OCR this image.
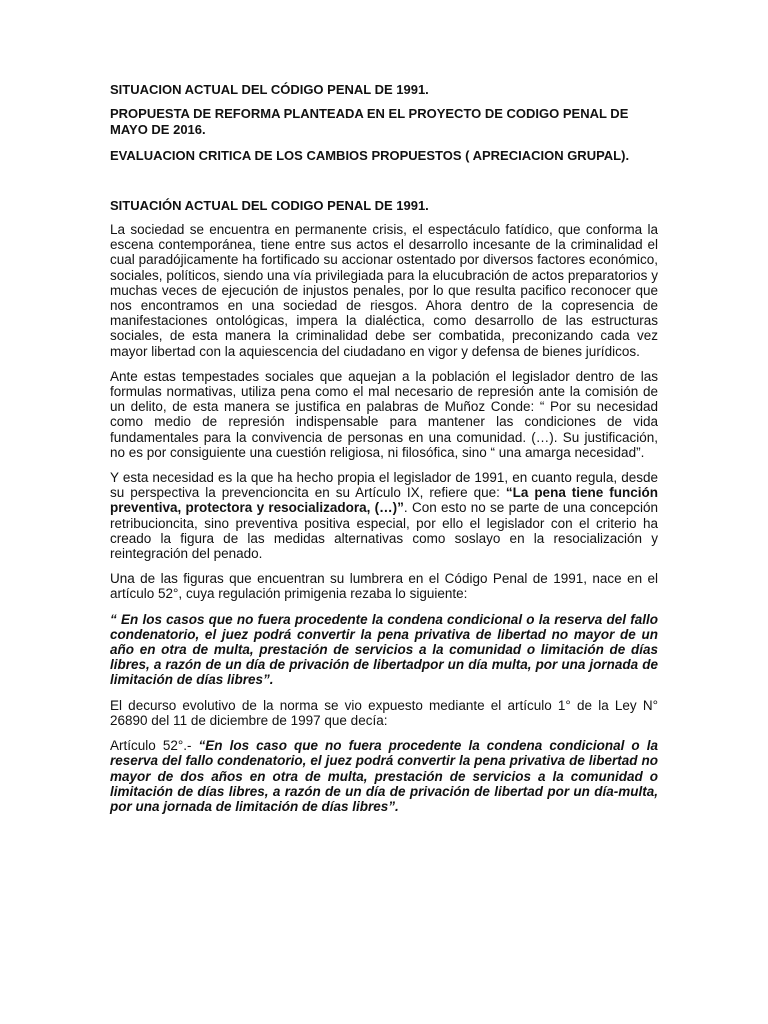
SITUACION ACTUAL DEL CÓDIGO PENAL DE 1991.
PROPUESTA DE REFORMA PLANTEADA EN EL PROYECTO DE CODIGO PENAL DE MAYO DE 2016.
EVALUACION CRITICA DE LOS CAMBIOS PROPUESTOS ( APRECIACION GRUPAL).
SITUACIÓN ACTUAL DEL CODIGO PENAL DE 1991.

La sociedad se encuentra en permanente crisis, el espectáculo fatídico, que conforma la escena contemporánea, tiene entre sus actos el desarrollo incesante de la criminalidad el cual paradójicamente ha fortificado su accionar ostentado por diversos factores económico, sociales, políticos, siendo una vía privilegiada para la elucubración de actos preparatorios y muchas veces de ejecución de injustos penales, por lo que resulta pacifico reconocer que nos encontramos en una sociedad de riesgos. Ahora dentro de la copresencia de manifestaciones ontológicas, impera la dialéctica, como desarrollo de las estructuras sociales, de esta manera la criminalidad debe ser combatida, preconizando cada vez mayor libertad con la aquiescencia del ciudadano en vigor y defensa de bienes jurídicos.

Ante estas tempestades sociales que aquejan a la población el legislador dentro de las formulas normativas, utiliza pena como el mal necesario de represión ante la comisión de un delito, de esta manera se justifica en palabras de Muñoz Conde: “ Por su necesidad como medio de represión indispensable para mantener las condiciones de vida fundamentales para la convivencia de personas en una comunidad. (…). Su justificación, no es por consiguiente una cuestión religiosa, ni filosófica, sino “ una amarga necesidad”.

Y esta necesidad es la que ha hecho propia el legislador de 1991, en cuanto regula, desde su perspectiva la prevencioncita en su Artículo IX, refiere que: “La pena tiene función preventiva, protectora y resocializadora, (…)”. Con esto no se parte de una concepción retribucioncita, sino preventiva positiva especial, por ello el legislador con el criterio ha creado la figura de las medidas alternativas como soslayo en la resocialización y reintegración del penado.

Una de las figuras que encuentran su lumbrera en el Código Penal de 1991, nace en el artículo 52°, cuya regulación primigenia rezaba lo siguiente:

“ En los casos que no fuera procedente la condena condicional o la reserva del fallo condenatorio, el juez podrá convertir la pena privativa de libertad no mayor de un año en otra de multa, prestación de servicios a la comunidad o limitación de días libres, a razón de un día de privación de libertadpor un día multa, por una jornada de limitación de días libres”.

El decurso evolutivo de la norma se vio expuesto mediante el artículo 1° de la Ley N° 26890 del 11 de diciembre de 1997 que decía:

Artículo 52°.- “En los caso que no fuera procedente la condena condicional o la reserva del fallo condenatorio, el juez podrá convertir la pena privativa de libertad no mayor de dos años en otra de multa, prestación de servicios a la comunidad o limitación de días libres, a razón de un día de privación de libertad por un día-multa, por una jornada de limitación de días libres”.
